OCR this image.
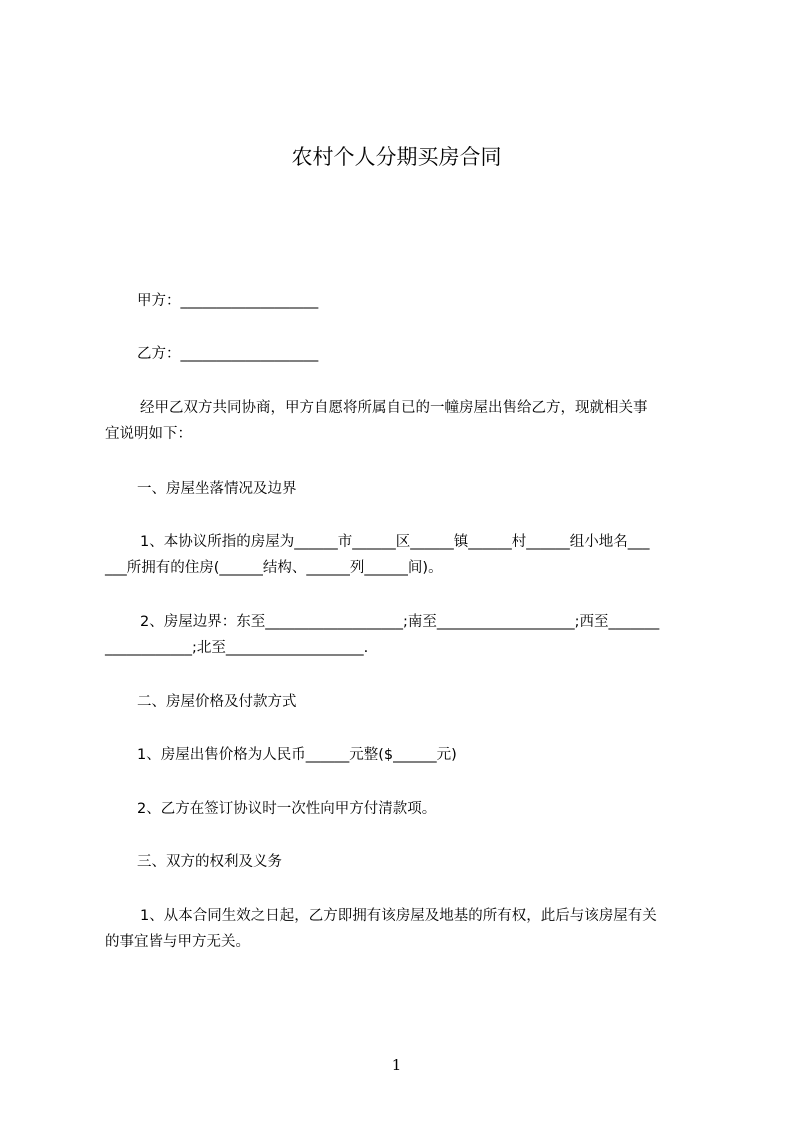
农村个人分期买房合同
甲方：___________________
乙方：___________________
经甲乙双方共同协商，甲方自愿将所属自已的一幢房屋出售给乙方，现就相关事
宜说明如下：
一、房屋坐落情况及边界
1、本协议所指的房屋为______市______区______镇______村______组小地名___
___所拥有的住房(______结构、______列______间)。
2、房屋边界：东至___________________;南至___________________;西至_______
____________;北至___________________.
二、房屋价格及付款方式
1、房屋出售价格为人民币______元整($______元)
2、乙方在签订协议时一次性向甲方付清款项。
三、双方的权利及义务
1、从本合同生效之日起，乙方即拥有该房屋及地基的所有权，此后与该房屋有关
的事宜皆与甲方无关。
1
